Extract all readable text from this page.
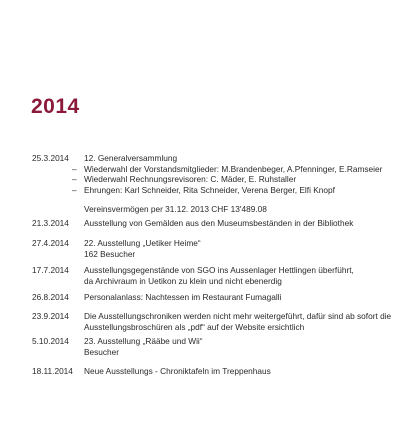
2014
25.3.2014 12. Generalversammlung
– Wiederwahl der Vorstandsmitglieder: M.Brandenbeger, A.Pfenninger, E.Ramseier
– Wiederwahl Rechnungsrevisoren: C. Mäder, E. Ruhstaller
– Ehrungen: Karl Schneider, Rita Schneider, Verena Berger, Elfi Knopf
Vereinsvermögen per 31.12. 2013 CHF 13'489.08
21.3.2014 Ausstellung von Gemälden aus den Museumsbeständen in der Bibliothek
27.4.2014 22. Ausstellung „Uetiker Heime“
162 Besucher
17.7.2014 Ausstellungsgegenstände von SGO ins Aussenlager Hettlingen überführt,
da Archivraum in Uetikon zu klein und nicht ebenerdig
26.8.2014 Personalanlass: Nachtessen im Restaurant Fumagalli
23.9.2014 Die Ausstellungschroniken werden nicht mehr weitergeführt, dafür sind ab sofort die
Ausstellungsbroschüren als „pdf“ auf der Website ersichtlich
5.10.2014 23. Ausstellung „Rääbe und Wii“
Besucher
18.11.2014 Neue Ausstellungs - Chroniktafeln im Treppenhaus
